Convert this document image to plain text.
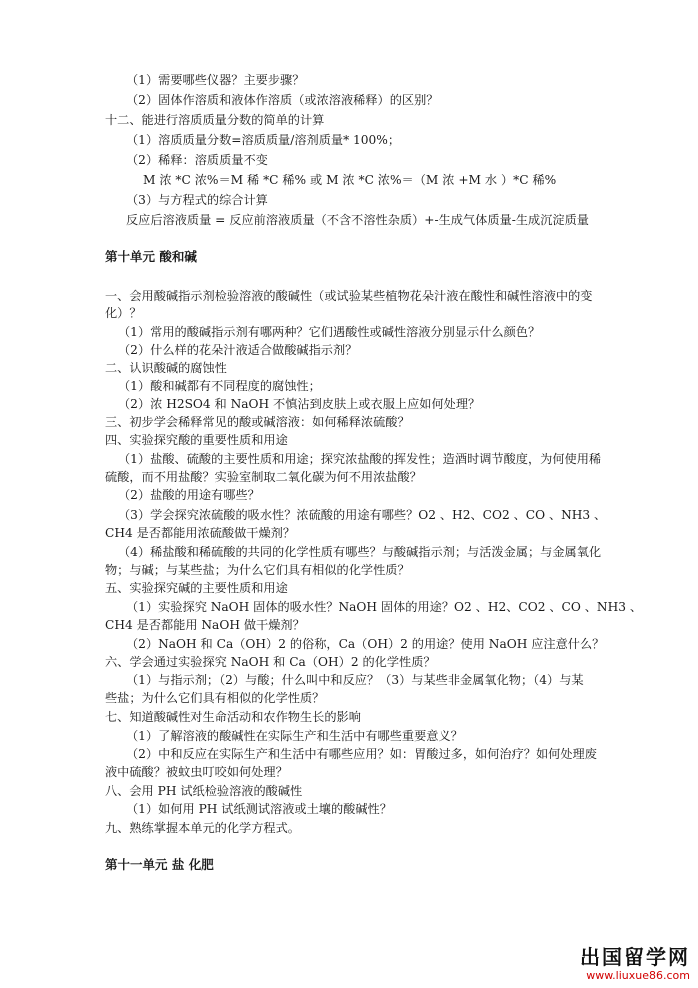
（1）需要哪些仪器？主要步骤？
（2）固体作溶质和液体作溶质（或浓溶液稀释）的区别？
十二、能进行溶质质量分数的简单的计算
（1）溶质质量分数=溶质质量/溶剂质量* 100%；
（2）稀释：溶质质量不变
M 浓 *C 浓%＝M 稀 *C 稀% 或 M 浓 *C 浓%＝（M 浓 +M 水 ）*C 稀%
（3）与方程式的综合计算
反应后溶液质量 = 反应前溶液质量（不含不溶性杂质）+-生成气体质量-生成沉淀质量
第十单元 酸和碱
一、会用酸碱指示剂检验溶液的酸碱性（或试验某些植物花朵汁液在酸性和碱性溶液中的变
化）？
（1）常用的酸碱指示剂有哪两种？它们遇酸性或碱性溶液分别显示什么颜色？
（2）什么样的花朵汁液适合做酸碱指示剂？
二、认识酸碱的腐蚀性
（1）酸和碱都有不同程度的腐蚀性；
（2）浓 H2SO4 和 NaOH 不慎沾到皮肤上或衣服上应如何处理？
三、初步学会稀释常见的酸或碱溶液：如何稀释浓硫酸？
四、实验探究酸的重要性质和用途
（1）盐酸、硫酸的主要性质和用途；探究浓盐酸的挥发性；造酒时调节酸度，为何使用稀
硫酸，而不用盐酸？实验室制取二氧化碳为何不用浓盐酸？
（2）盐酸的用途有哪些？
（3）学会探究浓硫酸的吸水性？浓硫酸的用途有哪些？O2 、H2、CO2 、CO 、NH3 、
CH4 是否都能用浓硫酸做干燥剂？
（4）稀盐酸和稀硫酸的共同的化学性质有哪些？与酸碱指示剂；与活泼金属；与金属氧化
物；与碱；与某些盐；为什么它们具有相似的化学性质？
五、实验探究碱的主要性质和用途
（1）实验探究 NaOH 固体的吸水性？NaOH 固体的用途？O2 、H2、CO2 、CO 、NH3 、
CH4 是否都能用 NaOH 做干燥剂？
（2）NaOH 和 Ca（OH）2 的俗称，Ca（OH）2 的用途？使用 NaOH 应注意什么？
六、学会通过实验探究 NaOH 和 Ca（OH）2 的化学性质？
（1）与指示剂；（2）与酸；什么叫中和反应？（3）与某些非金属氧化物；（4）与某
些盐；为什么它们具有相似的化学性质？
七、知道酸碱性对生命活动和农作物生长的影响
（1）了解溶液的酸碱性在实际生产和生活中有哪些重要意义？
（2）中和反应在实际生产和生活中有哪些应用？如：胃酸过多，如何治疗？如何处理废
液中硫酸？被蚊虫叮咬如何处理？
八、会用 PH 试纸检验溶液的酸碱性
（1）如何用 PH 试纸测试溶液或土壤的酸碱性？
九、熟练掌握本单元的化学方程式。
第十一单元 盐 化肥
出国留学网
www.liuxue86.com
